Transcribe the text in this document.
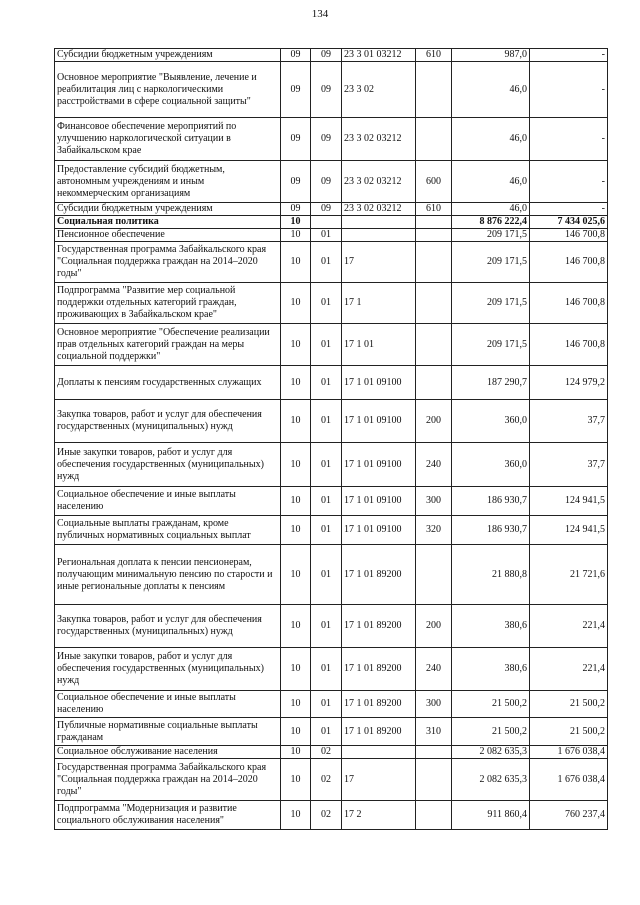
134
Субсидии бюджетным учреждениям	09	09	23 3 01 03212	610	987,0	-
Основное мероприятие "Выявление, лечение и реабилитация лиц с наркологическими расстройствами в сфере социальной защиты"	09	09	23 3 02		46,0	-
Финансовое обеспечение мероприятий по улучшению наркологической ситуации в Забайкальском крае	09	09	23 3 02 03212		46,0	-
Предоставление субсидий бюджетным, автономным учреждениям и иным некоммерческим организациям	09	09	23 3 02 03212	600	46,0	-
Субсидии бюджетным учреждениям	09	09	23 3 02 03212	610	46,0	-
Социальная политика	10				8 876 222,4	7 434 025,6
Пенсионное обеспечение	10	01			209 171,5	146 700,8
Государственная программа Забайкальского края "Социальная поддержка граждан на 2014–2020 годы"	10	01	17		209 171,5	146 700,8
Подпрограмма "Развитие мер социальной поддержки отдельных категорий граждан, проживающих в Забайкальском крае"	10	01	17 1		209 171,5	146 700,8
Основное мероприятие "Обеспечение реализации прав отдельных категорий граждан на меры социальной поддержки"	10	01	17 1 01		209 171,5	146 700,8
Доплаты к пенсиям государственных служащих	10	01	17 1 01 09100		187 290,7	124 979,2
Закупка товаров, работ и услуг для обеспечения государственных (муниципальных) нужд	10	01	17 1 01 09100	200	360,0	37,7
Иные закупки товаров, работ и услуг для обеспечения государственных (муниципальных) нужд	10	01	17 1 01 09100	240	360,0	37,7
Социальное обеспечение и иные выплаты населению	10	01	17 1 01 09100	300	186 930,7	124 941,5
Социальные выплаты гражданам, кроме публичных нормативных социальных выплат	10	01	17 1 01 09100	320	186 930,7	124 941,5
Региональная доплата к пенсии пенсионерам, получающим минимальную пенсию по старости и иные региональные доплаты к пенсиям	10	01	17 1 01 89200		21 880,8	21 721,6
Закупка товаров, работ и услуг для обеспечения государственных (муниципальных) нужд	10	01	17 1 01 89200	200	380,6	221,4
Иные закупки товаров, работ и услуг для обеспечения государственных (муниципальных) нужд	10	01	17 1 01 89200	240	380,6	221,4
Социальное обеспечение и иные выплаты населению	10	01	17 1 01 89200	300	21 500,2	21 500,2
Публичные нормативные социальные выплаты гражданам	10	01	17 1 01 89200	310	21 500,2	21 500,2
Социальное обслуживание населения	10	02			2 082 635,3	1 676 038,4
Государственная программа Забайкальского края "Социальная поддержка граждан на 2014–2020 годы"	10	02	17		2 082 635,3	1 676 038,4
Подпрограмма "Модернизация и развитие социального обслуживания населения"	10	02	17 2		911 860,4	760 237,4
